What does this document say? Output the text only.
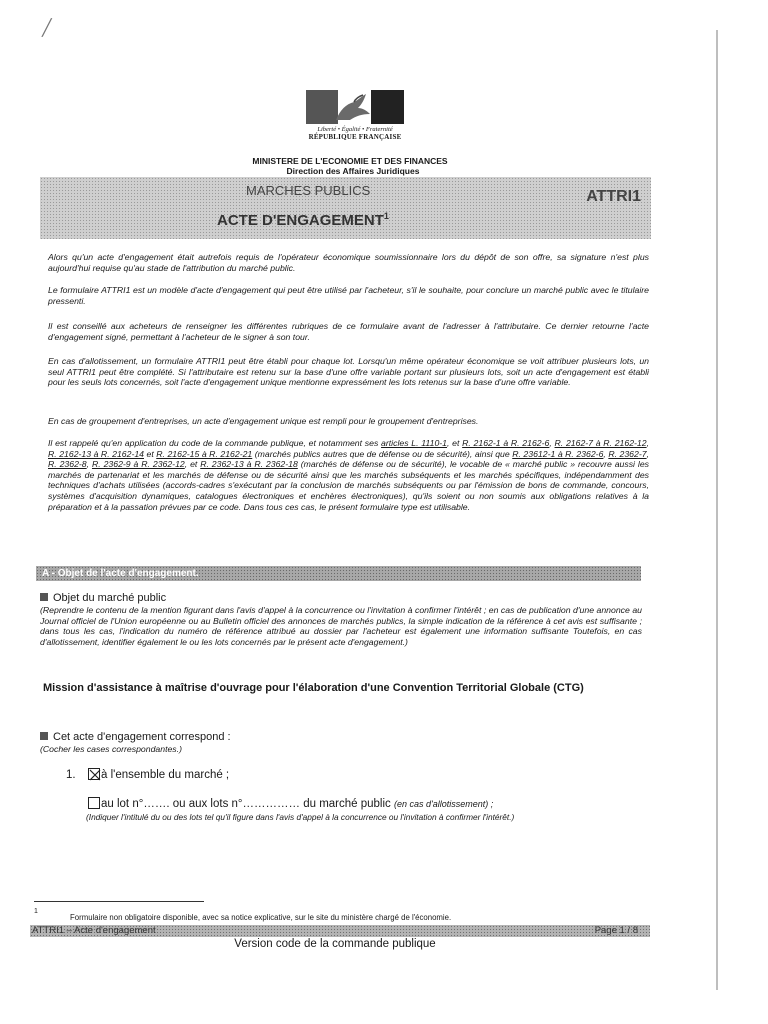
╱
Liberté • Égalité • Fraternité
RÉPUBLIQUE FRANÇAISE
MINISTERE DE L'ECONOMIE ET DES FINANCES
Direction des Affaires Juridiques
MARCHES PUBLICS	ATTRI1
ACTE D'ENGAGEMENT$^1$
Alors qu'un acte d'engagement était autrefois requis de l'opérateur économique soumissionnaire lors du dépôt de son offre, sa signature n'est plus aujourd'hui requise qu'au stade de l'attribution du marché public.
Le formulaire ATTRI1 est un modèle d'acte d'engagement qui peut être utilisé par l'acheteur, s'il le souhaite, pour conclure un marché public avec le titulaire pressenti.
Il est conseillé aux acheteurs de renseigner les différentes rubriques de ce formulaire avant de l'adresser à l'attributaire. Ce dernier retourne l'acte d'engagement signé, permettant à l'acheteur de le signer à son tour.
En cas d'allotissement, un formulaire ATTRI1 peut être établi pour chaque lot. Lorsqu'un même opérateur économique se voit attribuer plusieurs lots, un seul ATTRI1 peut être complété. Si l'attributaire est retenu sur la base d'une offre variable portant sur plusieurs lots, soit un acte d'engagement est établi pour les seuls lots concernés, soit l'acte d'engagement unique mentionne expressément les lots retenus sur la base d'une offre variable.
En cas de groupement d'entreprises, un acte d'engagement unique est rempli pour le groupement d'entreprises.
Il est rappelé qu'en application du code de la commande publique, et notamment ses articles L. 1110-1, et R. 2162-1 à R. 2162-6, R. 2162-7 à R. 2162-12, R. 2162-13 à R. 2162-14 et R. 2162-15 à R. 2162-21 (marchés publics autres que de défense ou de sécurité), ainsi que R. 23612-1 à R. 2362-6, R. 2362-7, R. 2362-8, R. 2362-9 à R. 2362-12, et R. 2362-13 à R. 2362-18 (marchés de défense ou de sécurité), le vocable de « marché public » recouvre aussi les marchés de partenariat et les marchés de défense ou de sécurité ainsi que les marchés subséquents et les marchés spécifiques, indépendamment des techniques d'achats utilisées (accords-cadres s'exécutant par la conclusion de marchés subséquents ou par l'émission de bons de commande, concours, systèmes d'acquisition dynamiques, catalogues électroniques et enchères électroniques), qu'ils soient ou non soumis aux obligations relatives à la préparation et à la passation prévues par ce code. Dans tous ces cas, le présent formulaire type est utilisable.
A - Objet de l'acte d'engagement.
Objet du marché public
(Reprendre le contenu de la mention figurant dans l'avis d'appel à la concurrence ou l'invitation à confirmer l'intérêt ; en cas de publication d'une annonce au Journal officiel de l'Union européenne ou au Bulletin officiel des annonces de marchés publics, la simple indication de la référence à cet avis est suffisante ; dans tous les cas, l'indication du numéro de référence attribué au dossier par l'acheteur est également une information suffisante Toutefois, en cas d'allotissement, identifier également le ou les lots concernés par le présent acte d'engagement.)
Mission d'assistance à maîtrise d'ouvrage pour l'élaboration d'une Convention Territorial Globale (CTG)
Cet acte d'engagement correspond :
(Cocher les cases correspondantes.)
1. à l'ensemble du marché ;
au lot n°……. ou aux lots n°…………… du marché public (en cas d'allotissement) ;
(Indiquer l'intitulé du ou des lots tel qu'il figure dans l'avis d'appel à la concurrence ou l'invitation à confirmer l'intérêt.)
1
Formulaire non obligatoire disponible, avec sa notice explicative, sur le site du ministère chargé de l'économie.
ATTRI1 – Acte d'engagement	Page 1 / 8
Version code de la commande publique
